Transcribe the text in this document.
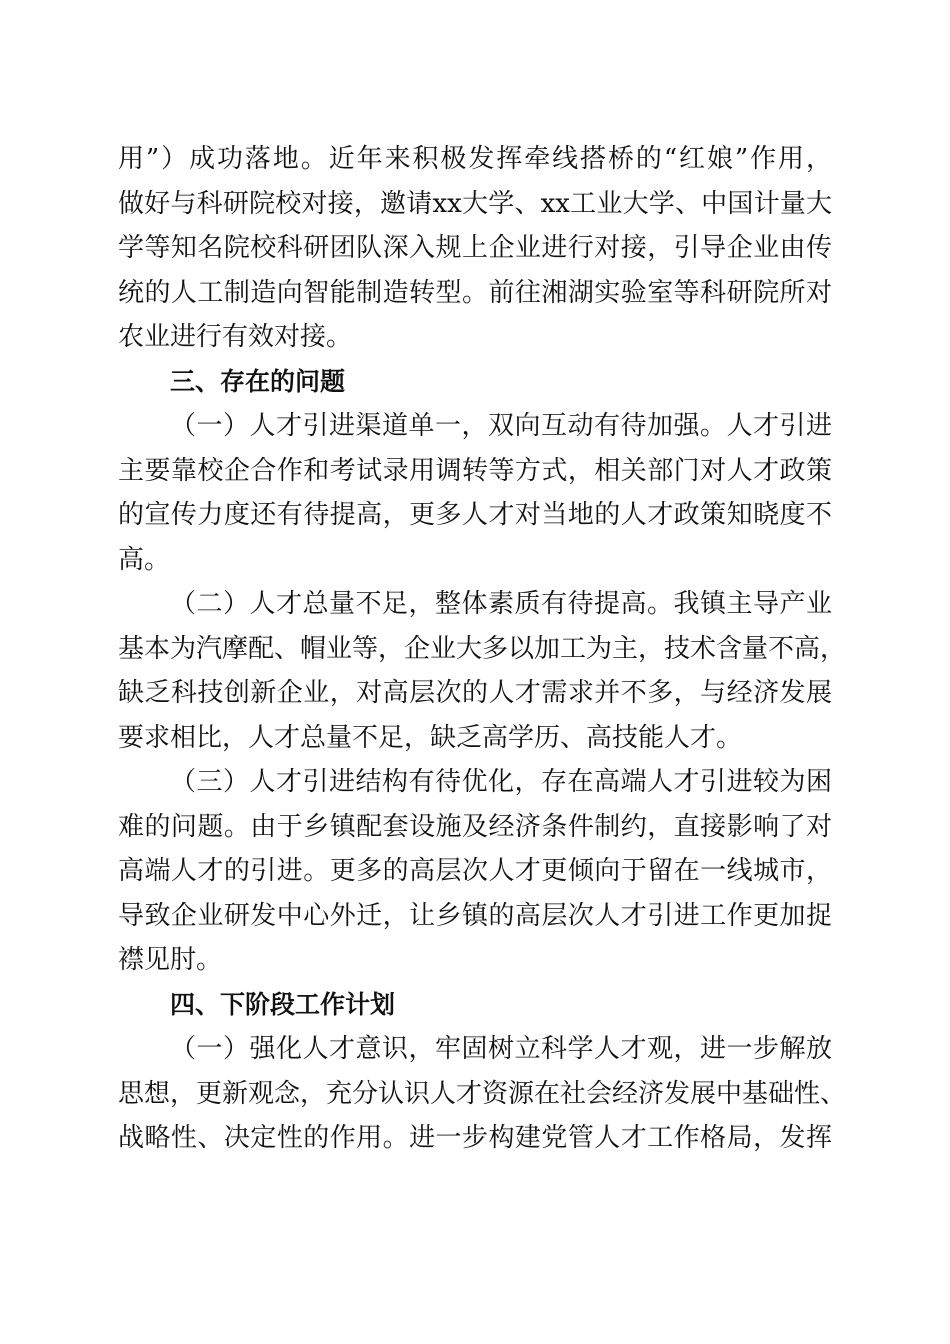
用”）成功落地。近年来积极发挥牵线搭桥的“红娘”作用，
做好与科研院校对接，邀请xx大学、xx工业大学、中国计量大
学等知名院校科研团队深入规上企业进行对接，引导企业由传
统的人工制造向智能制造转型。前往湘湖实验室等科研院所对
农业进行有效对接。
三、存在的问题
（一）人才引进渠道单一，双向互动有待加强。人才引进
主要靠校企合作和考试录用调转等方式，相关部门对人才政策
的宣传力度还有待提高，更多人才对当地的人才政策知晓度不
高。
（二）人才总量不足，整体素质有待提高。我镇主导产业
基本为汽摩配、帽业等，企业大多以加工为主，技术含量不高，
缺乏科技创新企业，对高层次的人才需求并不多，与经济发展
要求相比，人才总量不足，缺乏高学历、高技能人才。
（三）人才引进结构有待优化，存在高端人才引进较为困
难的问题。由于乡镇配套设施及经济条件制约，直接影响了对
高端人才的引进。更多的高层次人才更倾向于留在一线城市，
导致企业研发中心外迁，让乡镇的高层次人才引进工作更加捉
襟见肘。
四、下阶段工作计划
（一）强化人才意识，牢固树立科学人才观，进一步解放
思想，更新观念，充分认识人才资源在社会经济发展中基础性、
战略性、决定性的作用。进一步构建党管人才工作格局，发挥
